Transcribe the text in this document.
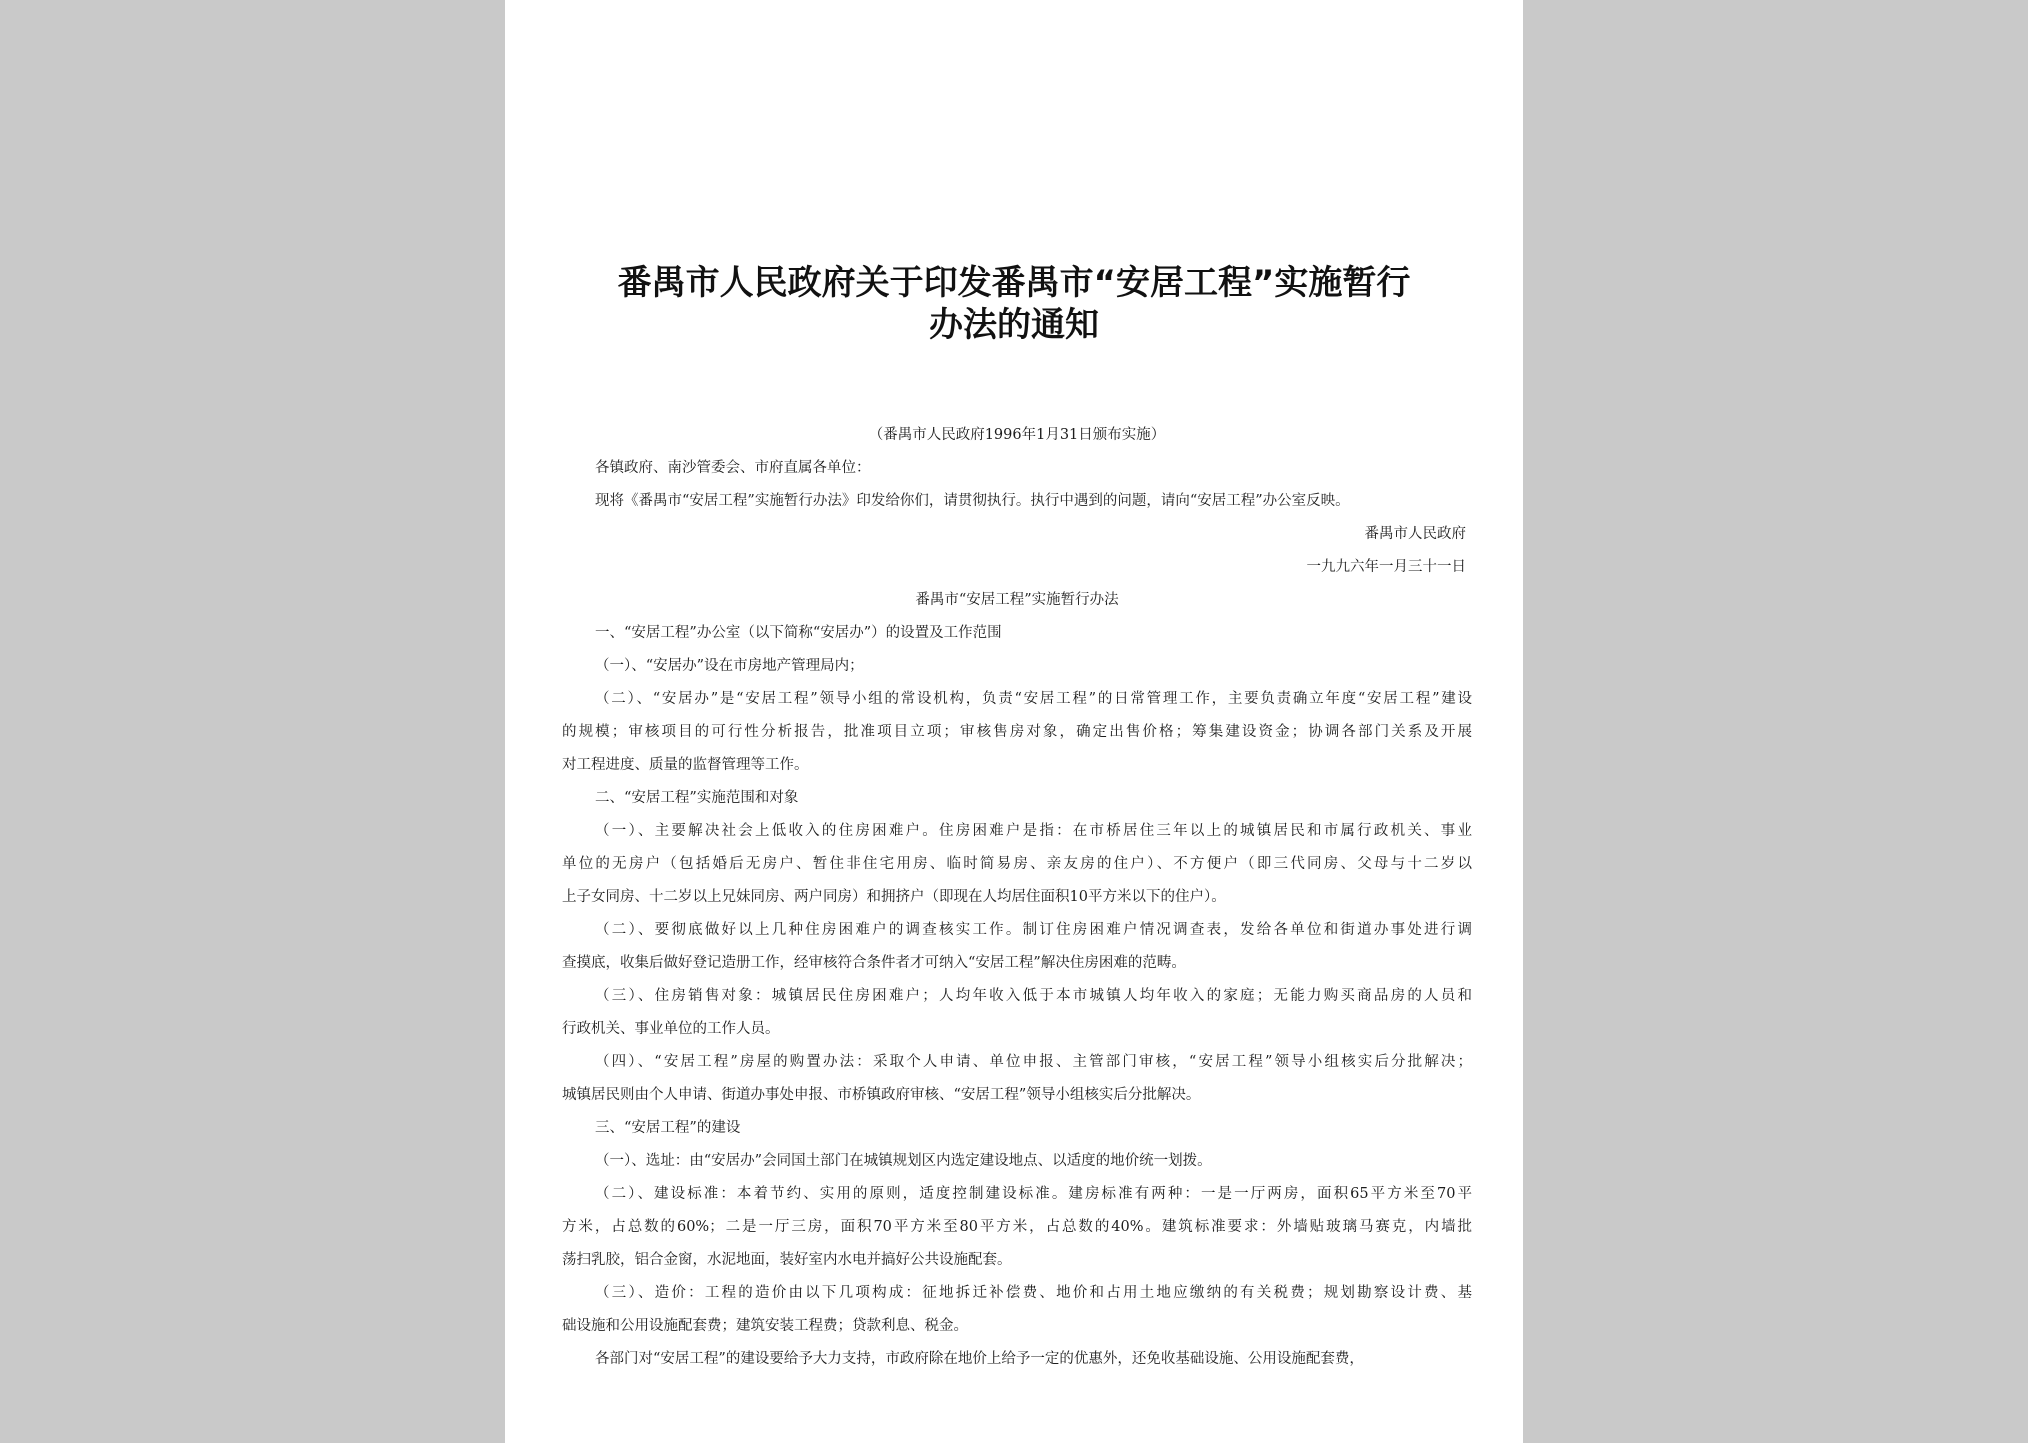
番禺市人民政府关于印发番禺市“安居工程”实施暂行
办法的通知

（番禺市人民政府1996年1月31日颁布实施）

各镇政府、南沙管委会、市府直属各单位：

现将《番禺市“安居工程”实施暂行办法》印发给你们，请贯彻执行。执行中遇到的问题，请向“安居工程”办公室反映。

番禺市人民政府

一九九六年一月三十一日

番禺市“安居工程”实施暂行办法

一、“安居工程”办公室（以下简称“安居办”）的设置及工作范围

（一）、“安居办”设在市房地产管理局内；

（二）、“安居办”是“安居工程”领导小组的常设机构，负责“安居工程”的日常管理工作，主要负责确立年度“安居工程”建设

的规模；审核项目的可行性分析报告，批准项目立项；审核售房对象，确定出售价格；筹集建设资金；协调各部门关系及开展

对工程进度、质量的监督管理等工作。

二、“安居工程”实施范围和对象

（一）、主要解决社会上低收入的住房困难户。住房困难户是指：在市桥居住三年以上的城镇居民和市属行政机关、事业

单位的无房户（包括婚后无房户、暂住非住宅用房、临时简易房、亲友房的住户）、不方便户（即三代同房、父母与十二岁以

上子女同房、十二岁以上兄妹同房、两户同房）和拥挤户（即现在人均居住面积10平方米以下的住户）。

（二）、要彻底做好以上几种住房困难户的调查核实工作。制订住房困难户情况调查表，发给各单位和街道办事处进行调

查摸底，收集后做好登记造册工作，经审核符合条件者才可纳入“安居工程”解决住房困难的范畴。

（三）、住房销售对象：城镇居民住房困难户；人均年收入低于本市城镇人均年收入的家庭；无能力购买商品房的人员和

行政机关、事业单位的工作人员。

（四）、“安居工程”房屋的购置办法：采取个人申请、单位申报、主管部门审核，“安居工程”领导小组核实后分批解决；

城镇居民则由个人申请、街道办事处申报、市桥镇政府审核、“安居工程”领导小组核实后分批解决。

三、“安居工程”的建设

（一）、选址：由“安居办”会同国土部门在城镇规划区内选定建设地点、以适度的地价统一划拨。

（二）、建设标准：本着节约、实用的原则，适度控制建设标准。建房标准有两种：一是一厅两房，面积65平方米至70平

方米，占总数的60%；二是一厅三房，面积70平方米至80平方米，占总数的40%。建筑标准要求：外墙贴玻璃马赛克，内墙批

荡扫乳胶，铝合金窗，水泥地面，装好室内水电并搞好公共设施配套。

（三）、造价：工程的造价由以下几项构成：征地拆迁补偿费、地价和占用土地应缴纳的有关税费；规划勘察设计费、基

础设施和公用设施配套费；建筑安装工程费；贷款利息、税金。

各部门对“安居工程”的建设要给予大力支持，市政府除在地价上给予一定的优惠外，还免收基础设施、公用设施配套费，
